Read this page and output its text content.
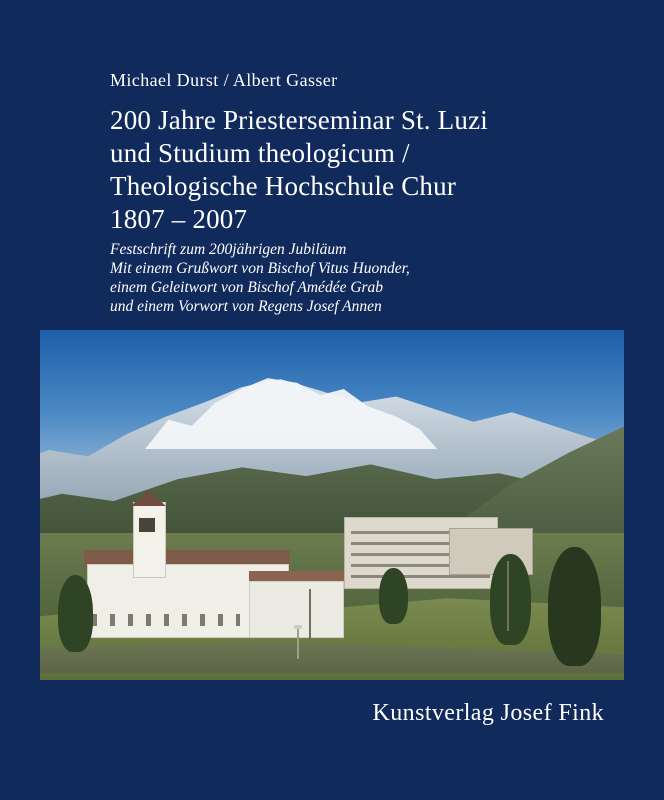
Michael Durst / Albert Gasser
200 Jahre Priesterseminar St. Luzi
und Studium theologicum /
Theologische Hochschule Chur
1807 – 2007
Festschrift zum 200jährigen Jubiläum
Mit einem Grußwort von Bischof Vitus Huonder,
einem Geleitwort von Bischof Amédée Grab
und einem Vorwort von Regens Josef Annen
Kunstverlag Josef Fink
